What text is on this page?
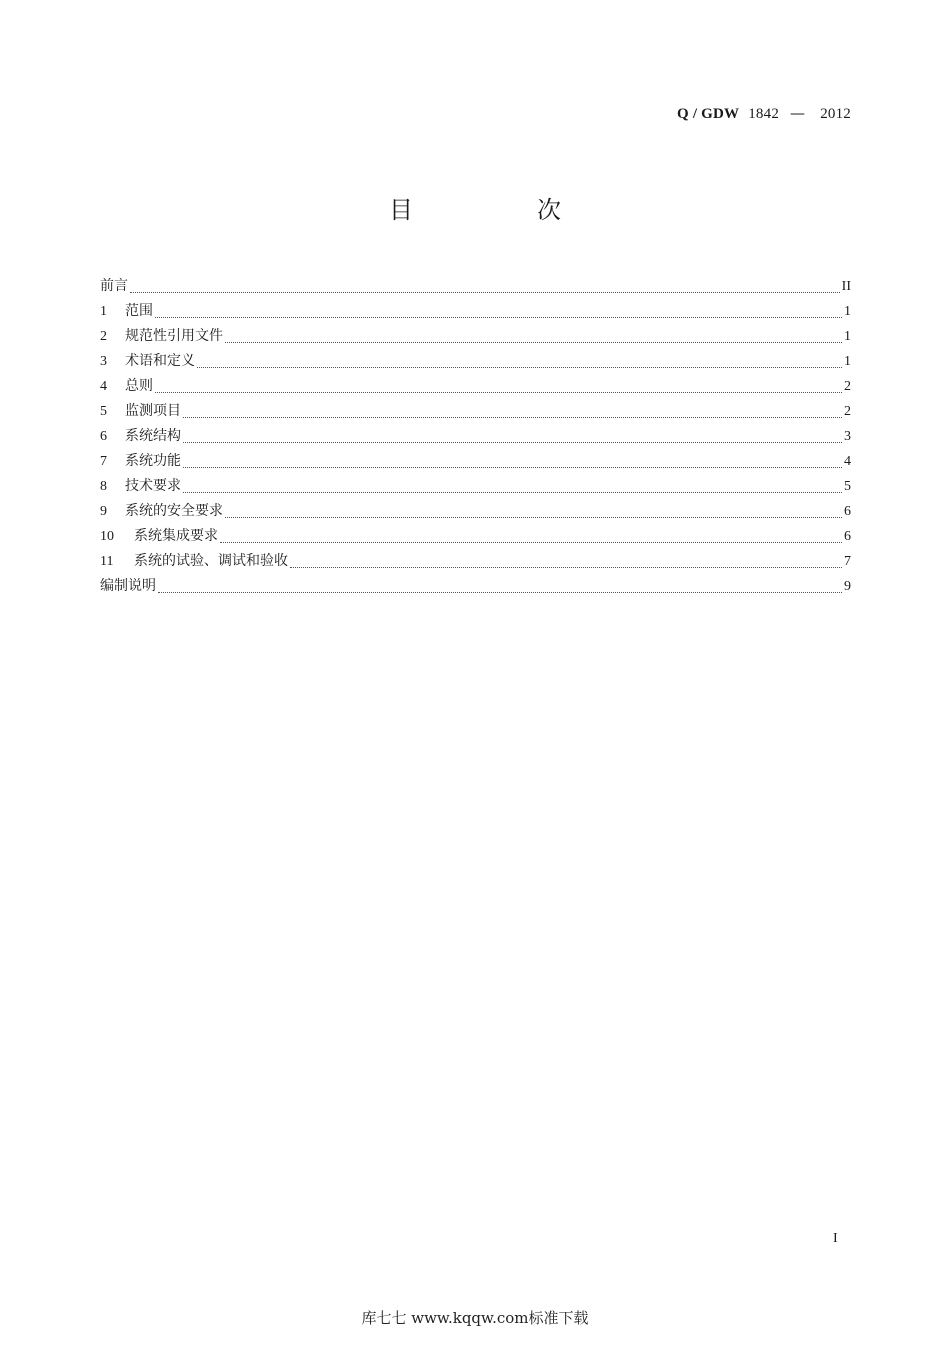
Q / GDW 1842 — 2012
目　次
前言	II
1	范围	1
2	规范性引用文件	1
3	术语和定义	1
4	总则	2
5	监测项目	2
6	系统结构	3
7	系统功能	4
8	技术要求	5
9	系统的安全要求	6
10	系统集成要求	6
11	系统的试验、调试和验收	7
编制说明	9
I
库七七 www.kqqw.com标准下载
